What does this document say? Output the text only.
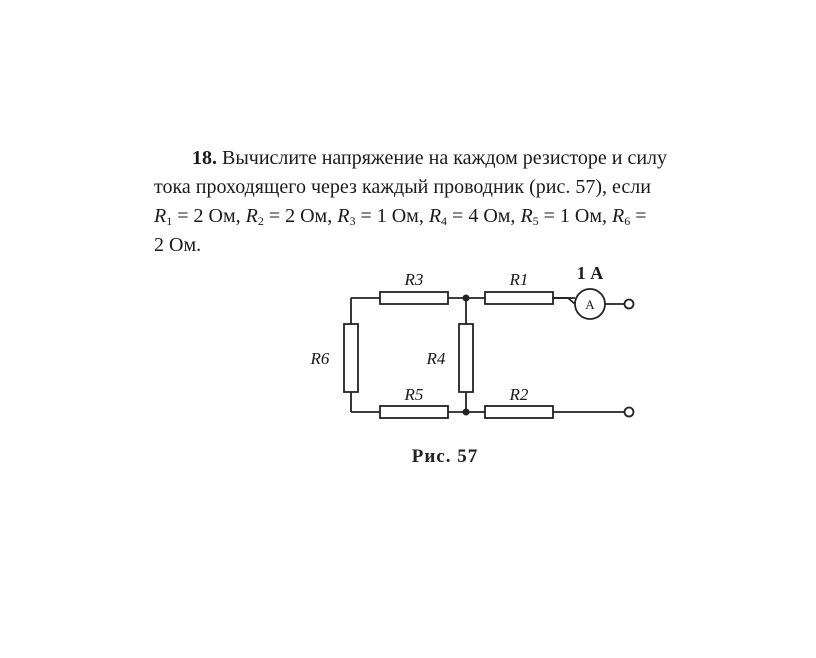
18. Вычислите напряжение на каждом резисторе и силу
тока проходящего через каждый проводник (рис. 57), если
$R_1 = 2$ Ом, $R_2 = 2$ Ом, $R_3 = 1$ Ом, $R_4 = 4$ Ом, $R_5 = 1$ Ом, $R_6$ =
2 Ом.
R3	R1
R6	R4
R5	R2
1 А
A
Рис. 57
